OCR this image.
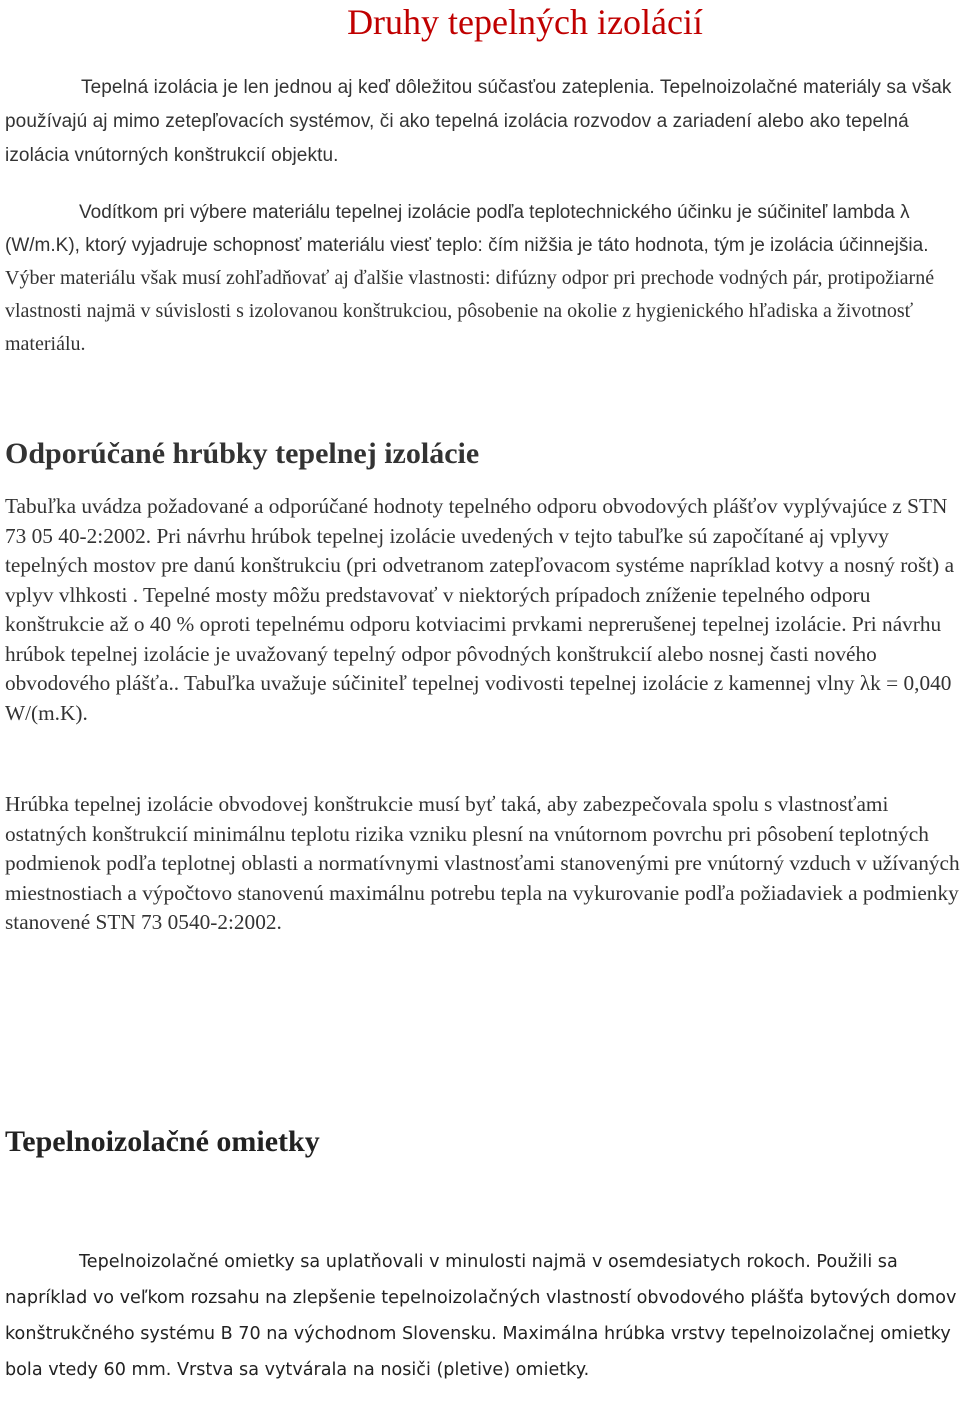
Druhy tepelných izolácií

Tepelná izolácia je len jednou aj keď dôležitou súčasťou zateplenia. Tepelnoizolačné materiály sa však používajú aj mimo zetepľovacích systémov, či ako tepelná izolácia rozvodov a zariadení alebo ako tepelná izolácia vnútorných konštrukcií objektu.

Vodítkom pri výbere materiálu tepelnej izolácie podľa teplotechnického účinku je súčiniteľ lambda λ (W/m.K), ktorý vyjadruje schopnosť materiálu viesť teplo: čím nižšia je táto hodnota, tým je izolácia účinnejšia. Výber materiálu však musí zohľadňovať aj ďalšie vlastnosti: difúzny odpor pri prechode vodných pár, protipožiarné vlastnosti najmä v súvislosti s izolovanou konštrukciou, pôsobenie na okolie z hygienického hľadiska a životnosť materiálu.

Odporúčané hrúbky tepelnej izolácie

Tabuľka uvádza požadované a odporúčané hodnoty tepelného odporu obvodových plášťov vyplývajúce z STN 73 05 40-2:2002. Pri návrhu hrúbok tepelnej izolácie uvedených v tejto tabuľke sú započítané aj vplyvy tepelných mostov pre danú konštrukciu (pri odvetranom zatepľovacom systéme napríklad kotvy a nosný rošt) a vplyv vlhkosti . Tepelné mosty môžu predstavovať v niektorých prípadoch zníženie tepelného odporu konštrukcie až o 40 % oproti tepelnému odporu kotviacimi prvkami neprerušenej tepelnej izolácie. Pri návrhu hrúbok tepelnej izolácie je uvažovaný tepelný odpor pôvodných konštrukcií alebo nosnej časti nového obvodového plášťa.. Tabuľka uvažuje súčiniteľ tepelnej vodivosti tepelnej izolácie z kamennej vlny λk = 0,040 W/(m.K).

Hrúbka tepelnej izolácie obvodovej konštrukcie musí byť taká, aby zabezpečovala spolu s vlastnosťami ostatných konštrukcií minimálnu teplotu rizika vzniku plesní na vnútornom povrchu pri pôsobení teplotných podmienok podľa teplotnej oblasti a normatívnymi vlastnosťami stanovenými pre vnútorný vzduch v užívaných miestnostiach a výpočtovo stanovenú maximálnu potrebu tepla na vykurovanie podľa požiadaviek a podmienky stanovené STN 73 0540-2:2002.

Tepelnoizolačné omietky

Tepelnoizolačné omietky sa uplatňovali v minulosti najmä v osemdesiatych rokoch. Použili sa napríklad vo veľkom rozsahu na zlepšenie tepelnoizolačných vlastností obvodového plášťa bytových domov konštrukčného systému B 70 na východnom Slovensku. Maximálna hrúbka vrstvy tepelnoizolačnej omietky bola vtedy 60 mm. Vrstva sa vytvárala na nosiči (pletive) omietky.
